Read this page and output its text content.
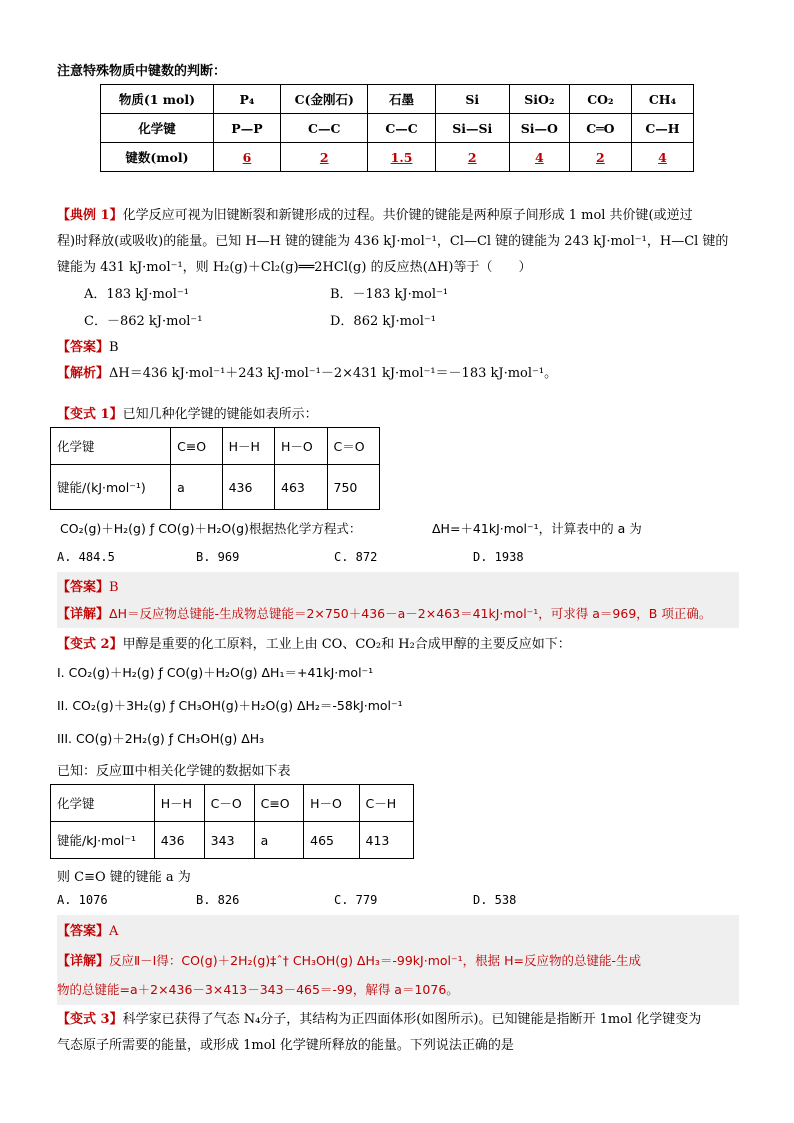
注意特殊物质中键数的判断：
物质(1 mol)	P₄	C(金刚石)	石墨	Si	SiO₂	CO₂	CH₄
化学键	P—P	C—C	C—C	Si—Si	Si—O	C═O	C—H
键数(mol)	6	2	1.5	2	4	2	4
【典例 1】化学反应可视为旧键断裂和新键形成的过程。共价键的键能是两种原子间形成 1 mol 共价键(或逆过
程)时释放(或吸收)的能量。已知 H—H 键的键能为 436 kJ·mol⁻¹，Cl—Cl 键的键能为 243 kJ·mol⁻¹，H—Cl 键的
键能为 431 kJ·mol⁻¹，则 H₂(g)＋Cl₂(g)══2HCl(g) 的反应热(ΔH)等于（　　）
A．183 kJ·mol⁻¹	B．－183 kJ·mol⁻¹
C．－862 kJ·mol⁻¹	D．862 kJ·mol⁻¹
【答案】B
【解析】ΔH＝436 kJ·mol⁻¹＋243 kJ·mol⁻¹－2×431 kJ·mol⁻¹＝－183 kJ·mol⁻¹。
【变式 1】已知几种化学键的键能如表所示：
化学键	C≡O	H－H	H－O	C＝O
键能/(kJ·mol⁻¹)	a	436	463	750
CO₂(g)＋H₂(g) ƒ CO(g)＋H₂O(g)根据热化学方程式：	ΔH=＋41kJ·mol⁻¹，计算表中的 a 为
A. 484.5	B. 969	C. 872	D. 1938
【答案】B
【详解】ΔH＝反应物总键能-生成物总键能＝2×750＋436－a－2×463＝41kJ·mol⁻¹，可求得 a＝969，B 项正确。
【变式 2】甲醇是重要的化工原料，工业上由 CO、CO₂和 H₂合成甲醇的主要反应如下：
I. CO₂(g)＋H₂(g) ƒ CO(g)＋H₂O(g) ΔH₁＝+41kJ·mol⁻¹
II. CO₂(g)＋3H₂(g) ƒ CH₃OH(g)＋H₂O(g) ΔH₂＝-58kJ·mol⁻¹
III. CO(g)＋2H₂(g) ƒ CH₃OH(g) ΔH₃
已知：反应Ⅲ中相关化学键的数据如下表
化学键	H－H	C－O	C≡O	H－O	C－H
键能/kJ·mol⁻¹	436	343	a	465	413
则 C≡O 键的键能 a 为
A. 1076	B. 826	C. 779	D. 538
【答案】A
【详解】反应Ⅱ－Ⅰ得：CO(g)＋2H₂(g)‡ˆ† CH₃OH(g) ΔH₃＝-99kJ·mol⁻¹，根据 H=反应物的总键能-生成
物的总键能=a＋2×436－3×413－343－465＝-99，解得 a＝1076。
【变式 3】科学家已获得了气态 N₄分子，其结构为正四面体形(如图所示)。已知键能是指断开 1mol 化学键变为
气态原子所需要的能量，或形成 1mol 化学键所释放的能量。下列说法正确的是
